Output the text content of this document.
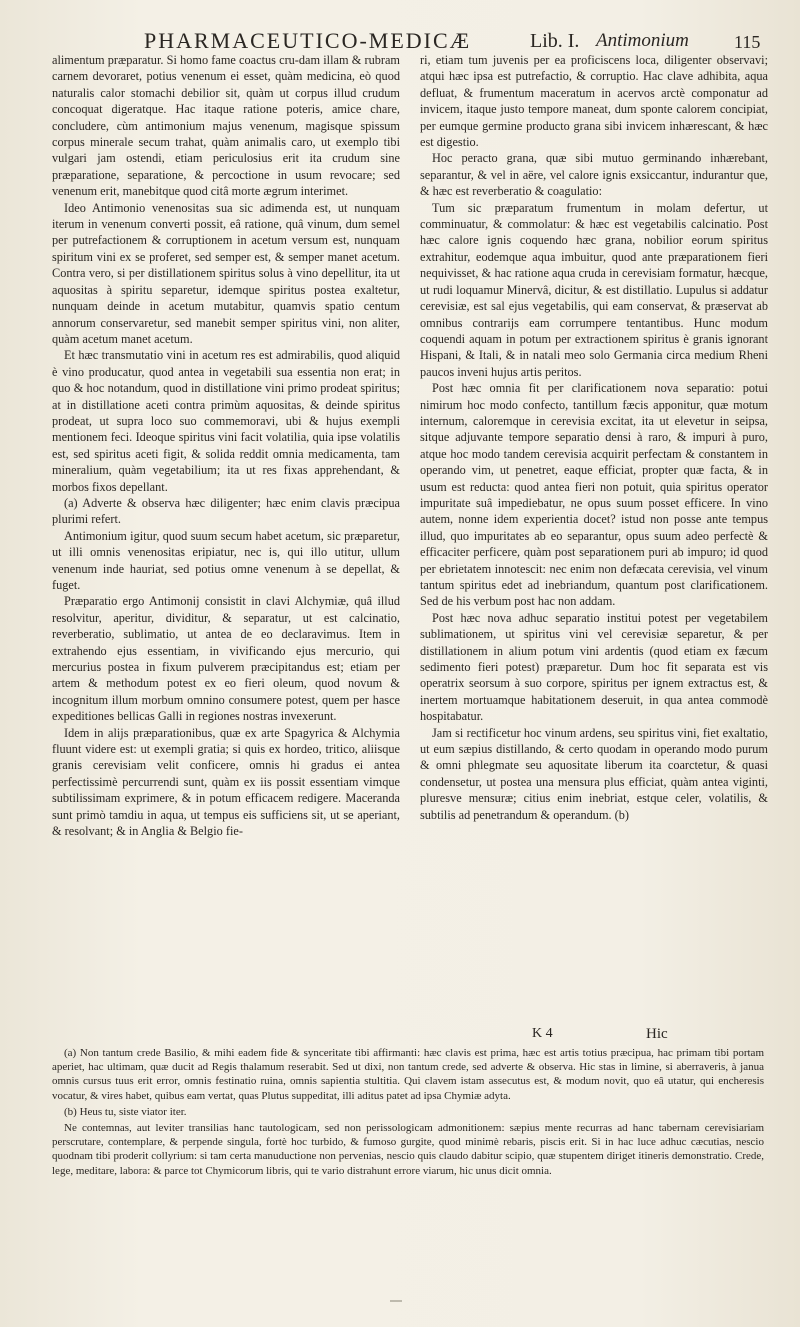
PHARMACEUTICO-MEDICÆ	Lib. I. Antimonium	115

alimentum præparatur. Si homo fame coactus cru-dam illam & rubram carnem devoraret, potius venenum ei esset, quàm medicina, eò quod naturalis calor stomachi debilior sit, quàm ut corpus illud crudum concoquat digeratque. Hac itaque ratione poteris, amice chare, concludere, cùm antimonium majus venenum, magisque spissum corpus minerale secum trahat, quàm animalis caro, ut exemplo tibi vulgari jam ostendi, etiam periculosius erit ita crudum sine præparatione, separatione, & percoctione in usum revocare; sed venenum erit, manebitque quod citâ morte ægrum interimet.

Ideo Antimonio venenositas sua sic adimenda est, ut nunquam iterum in venenum converti possit, eâ ratione, quâ vinum, dum semel per putrefactionem & corruptionem in acetum versum est, nunquam spiritum vini ex se proferet, sed semper est, & semper manet acetum. Contra vero, si per distillationem spiritus solus à vino depellitur, ita ut aquositas à spiritu separetur, idemque spiritus postea exaltetur, nunquam deinde in acetum mutabitur, quamvis spatio centum annorum conservaretur, sed manebit semper spiritus vini, non aliter, quàm acetum manet acetum.

Et hæc transmutatio vini in acetum res est admirabilis, quod aliquid è vino producatur, quod antea in vegetabili sua essentia non erat; in quo & hoc notandum, quod in distillatione vini primo prodeat spiritus; at in distillatione aceti contra primùm aquositas, & deinde spiritus prodeat, ut supra loco suo commemoravi, ubi & hujus exempli mentionem feci. Ideoque spiritus vini facit volatilia, quia ipse volatilis est, sed spiritus aceti figit, & solida reddit omnia medicamenta, tam mineralium, quàm vegetabilium; ita ut res fixas apprehendant, & morbos fixos depellant.

(a) Adverte & observa hæc diligenter; hæc enim clavis præcipua plurimi refert.

Antimonium igitur, quod suum secum habet acetum, sic præparetur, ut illi omnis venenositas eripiatur, nec is, qui illo utitur, ullum venenum inde hauriat, sed potius omne venenum à se depellat, & fuget.

Præparatio ergo Antimonij consistit in clavi Alchymiæ, quâ illud resolvitur, aperitur, dividitur, & separatur, ut est calcinatio, reverberatio, sublimatio, ut antea de eo declaravimus. Item in extrahendo ejus essentiam, in vivificando ejus mercurio, qui mercurius postea in fixum pulverem præcipitandus est; etiam per artem & methodum potest ex eo fieri oleum, quod novum & incognitum illum morbum omnino consumere potest, quem per hasce expeditiones bellicas Galli in regiones nostras invexerunt.

Idem in alijs præparationibus, quæ ex arte Spagyrica & Alchymia fluunt videre est: ut exempli gratia; si quis ex hordeo, tritico, aliisque granis cerevisiam velit conficere, omnis hi gradus ei antea perfectissimè percurrendi sunt, quàm ex iis possit essentiam vimque subtilissimam exprimere, & in potum efficacem redigere. Maceranda sunt primò tamdiu in aqua, ut tempus eis sufficiens sit, ut se aperiant, & resolvant; & in Anglia & Belgio fie-

ri, etiam tum juvenis per ea proficiscens loca, diligenter observavi; atqui hæc ipsa est putrefactio, & corruptio. Hac clave adhibita, aqua defluat, & frumentum maceratum in acervos arctè componatur ad invicem, itaque justo tempore maneat, dum sponte calorem concipiat, per eumque germine producto grana sibi invicem inhærescant, & hæc est digestio.

Hoc peracto grana, quæ sibi mutuo germinando inhærebant, separantur, & vel in aëre, vel calore ignis exsiccantur, indurantur que, & hæc est reverberatio & coagulatio:

Tum sic præparatum frumentum in molam defertur, ut comminuatur, & commolatur: & hæc est vegetabilis calcinatio. Post hæc calore ignis coquendo hæc grana, nobilior eorum spiritus extrahitur, eodemque aqua imbuitur, quod ante præparationem fieri nequivisset, & hac ratione aqua cruda in cerevisiam formatur, hæcque, ut rudi loquamur Minervâ, dicitur, & est distillatio. Lupulus si addatur cerevisiæ, est sal ejus vegetabilis, qui eam conservat, & præservat ab omnibus contrarijs eam corrumpere tentantibus. Hunc modum coquendi aquam in potum per extractionem spiritus è granis ignorant Hispani, & Itali, & in natali meo solo Germania circa medium Rheni paucos inveni hujus artis peritos.

Post hæc omnia fit per clarificationem nova separatio: potui nimirum hoc modo confecto, tantillum fæcis apponitur, quæ motum internum, caloremque in cerevisia excitat, ita ut elevetur in seipsa, sitque adjuvante tempore separatio densi à raro, & impuri à puro, atque hoc modo tandem cerevisia acquirit perfectam & constantem in operando vim, ut penetret, eaque efficiat, propter quæ facta, & in usum est reducta: quod antea fieri non potuit, quia spiritus operator impuritate suâ impediebatur, ne opus suum posset efficere. In vino autem, nonne idem experientia docet? istud non posse ante tempus illud, quo impuritates ab eo separantur, opus suum adeo perfectè & efficaciter perficere, quàm post separationem puri ab impuro; id quod per ebrietatem innotescit: nec enim non defæcata cerevisia, vel vinum tantum spiritus edet ad inebriandum, quantum post clarificationem. Sed de his verbum post hac non addam.

Post hæc nova adhuc separatio institui potest per vegetabilem sublimationem, ut spiritus vini vel cerevisiæ separetur, & per distillationem in alium potum vini ardentis (quod etiam ex fæcum sedimento fieri potest) præparetur. Dum hoc fit separata est vis operatrix seorsum à suo corpore, spiritus per ignem extractus est, & inertem mortuamque habitationem deseruit, in qua antea commodè hospitabatur.

Jam si rectificetur hoc vinum ardens, seu spiritus vini, fiet exaltatio, ut eum sæpius distillando, & certo quodam in operando modo purum & omni phlegmate seu aquositate liberum ita coarctetur, & quasi condensetur, ut postea una mensura plus efficiat, quàm antea viginti, pluresve mensuræ; citius enim inebriat, estque celer, volatilis, & subtilis ad penetrandum & operandum. (b)

K 4	Hic

(a) Non tantum crede Basilio, & mihi eadem fide & synceritate tibi affirmanti: hæc clavis est prima, hæc est artis totius præcipua, hac primam tibi portam aperiet, hac ultimam, quæ ducit ad Regis thalamum reserabit. Sed ut dixi, non tantum crede, sed adverte & observa. Hic stas in limine, si aberraveris, à janua omnis cursus tuus erit error, omnis festinatio ruina, omnis sapientia stultitia. Qui clavem istam assecutus est, & modum novit, quo eâ utatur, qui encheresis vocatur, & vires habet, quibus eam vertat, quas Plutus suppeditat, illi aditus patet ad ipsa Chymiæ adyta.

(b) Heus tu, siste viator iter.

Ne contemnas, aut leviter transilias hanc tautologicam, sed non perissologicam admonitionem: sæpius mente recurras ad hanc tabernam cerevisiariam perscrutare, contemplare, & perpende singula, fortè hoc turbido, & fumoso gurgite, quod minimè rebaris, piscis erit. Si in hac luce adhuc cæcutias, nescio quodnam tibi proderit collyrium: si tam certa manuductione non pervenias, nescio quis claudo dabitur scipio, quæ stupentem diriget itineris demonstratio. Crede, lege, meditare, labora: & parce tot Chymicorum libris, qui te vario distrahunt errore viarum, hic unus dicit omnia.
